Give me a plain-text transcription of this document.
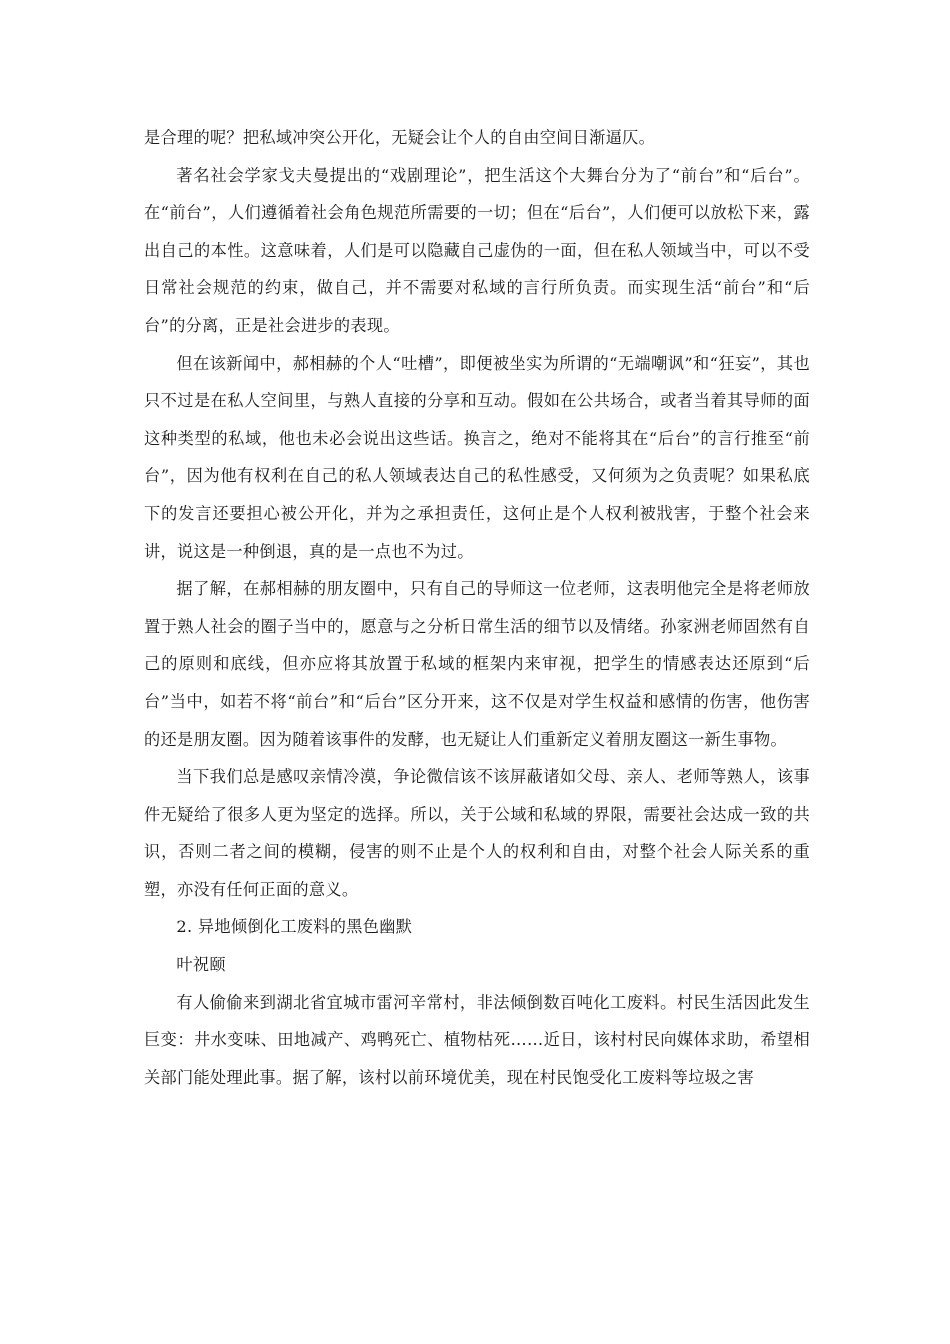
是合理的呢？把私域冲突公开化，无疑会让个人的自由空间日渐逼仄。

著名社会学家戈夫曼提出的“戏剧理论”，把生活这个大舞台分为了“前台”和“后台”。在“前台”，人们遵循着社会角色规范所需要的一切；但在“后台”，人们便可以放松下来，露出自己的本性。这意味着，人们是可以隐藏自己虚伪的一面，但在私人领域当中，可以不受日常社会规范的约束，做自己，并不需要对私域的言行所负责。而实现生活“前台”和“后台”的分离，正是社会进步的表现。

但在该新闻中，郝相赫的个人“吐槽”，即便被坐实为所谓的“无端嘲讽”和“狂妄”，其也只不过是在私人空间里，与熟人直接的分享和互动。假如在公共场合，或者当着其导师的面这种类型的私域，他也未必会说出这些话。换言之，绝对不能将其在“后台”的言行推至“前台”，因为他有权利在自己的私人领域表达自己的私性感受，又何须为之负责呢？如果私底下的发言还要担心被公开化，并为之承担责任，这何止是个人权利被戕害，于整个社会来讲，说这是一种倒退，真的是一点也不为过。

据了解，在郝相赫的朋友圈中，只有自己的导师这一位老师，这表明他完全是将老师放置于熟人社会的圈子当中的，愿意与之分析日常生活的细节以及情绪。孙家洲老师固然有自己的原则和底线，但亦应将其放置于私域的框架内来审视，把学生的情感表达还原到“后台”当中，如若不将“前台”和“后台”区分开来，这不仅是对学生权益和感情的伤害，他伤害的还是朋友圈。因为随着该事件的发酵，也无疑让人们重新定义着朋友圈这一新生事物。

当下我们总是感叹亲情冷漠，争论微信该不该屏蔽诸如父母、亲人、老师等熟人，该事件无疑给了很多人更为坚定的选择。所以，关于公域和私域的界限，需要社会达成一致的共识，否则二者之间的模糊，侵害的则不止是个人的权利和自由，对整个社会人际关系的重塑，亦没有任何正面的意义。

2. 异地倾倒化工废料的黑色幽默

叶祝颐

有人偷偷来到湖北省宜城市雷河辛常村，非法倾倒数百吨化工废料。村民生活因此发生巨变：井水变味、田地减产、鸡鸭死亡、植物枯死……近日，该村村民向媒体求助，希望相关部门能处理此事。据了解，该村以前环境优美，现在村民饱受化工废料等垃圾之害
